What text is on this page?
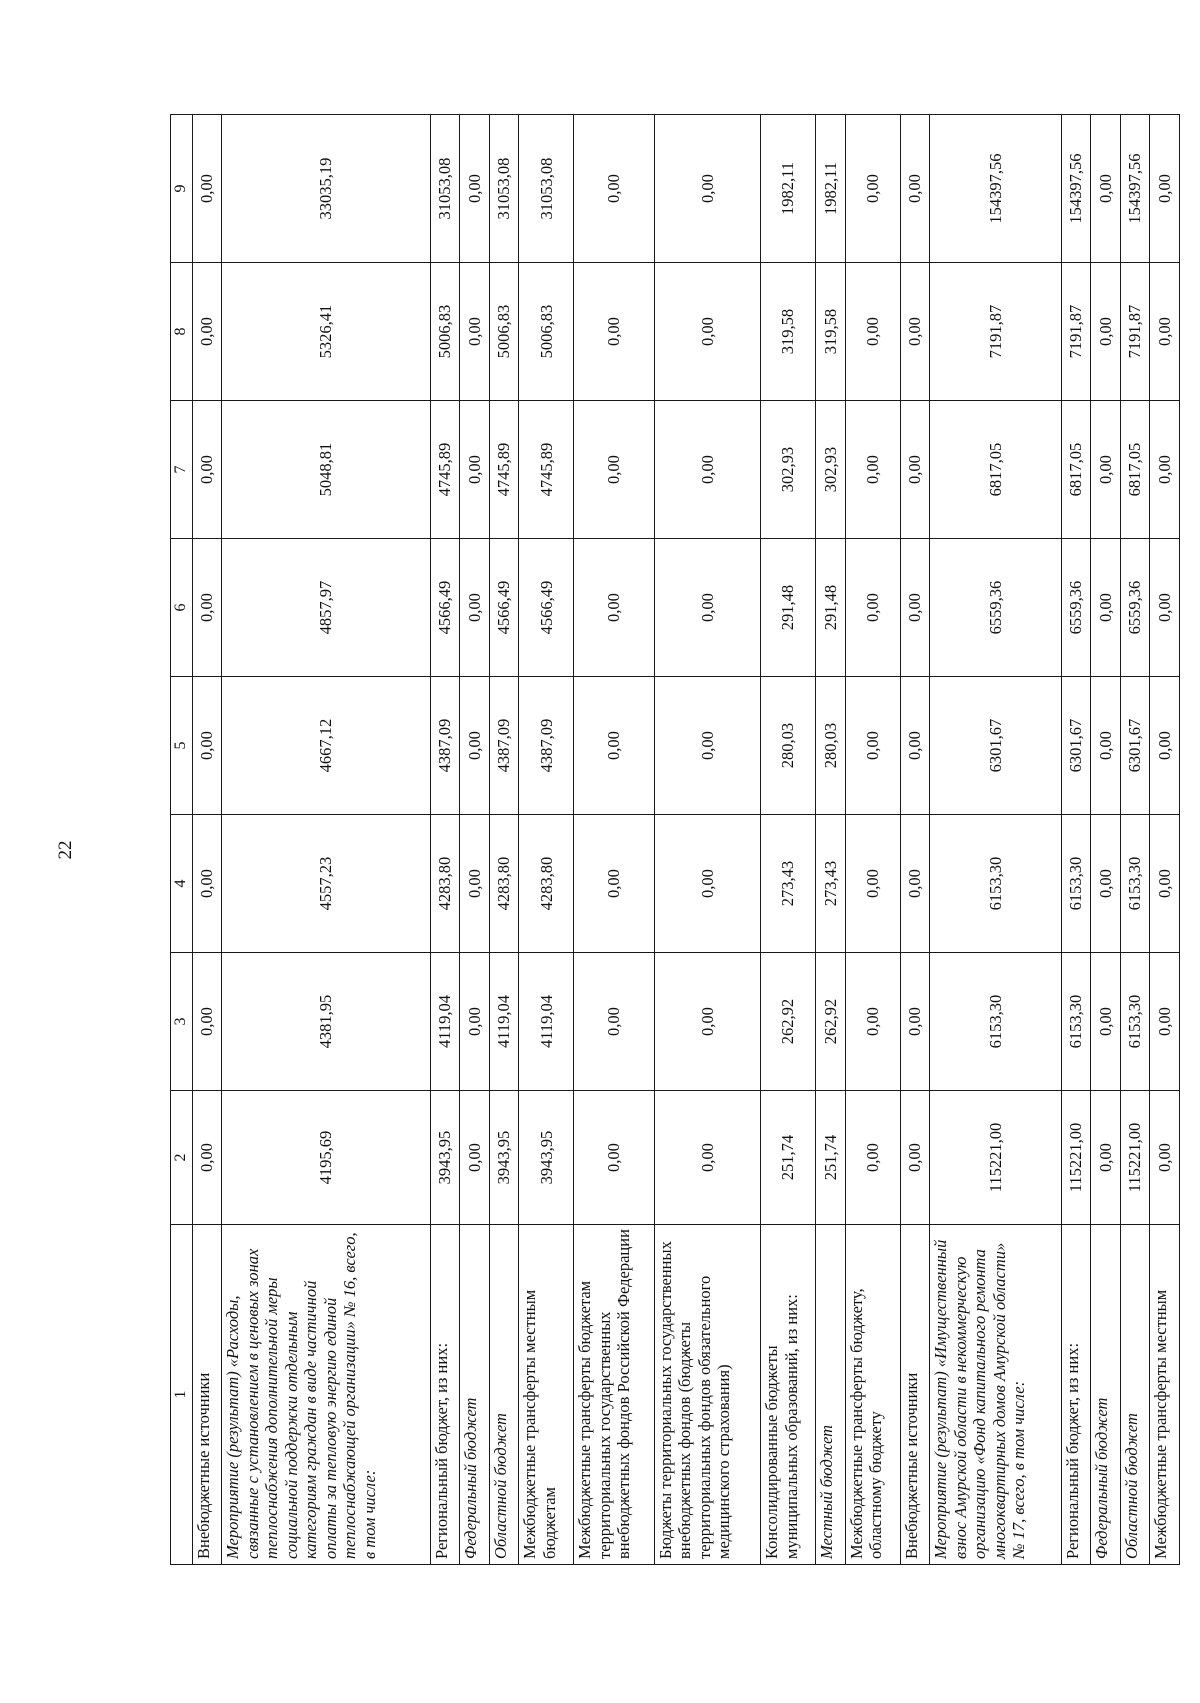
22
1	2	3	4	5	6	7	8	9
Внебюджетные источники	0,00	0,00	0,00	0,00	0,00	0,00	0,00	0,00
Мероприятие (результат) «Расходы, связанные с установлением в ценовых зонах теплоснабжения дополнительной меры социальной поддержки отдельным категориям граждан в виде частичной оплаты за тепловую энергию единой теплоснабжающей организации» № 16, всего, в том числе:	4195,69	4381,95	4557,23	4667,12	4857,97	5048,81	5326,41	33035,19
Региональный бюджет, из них:	3943,95	4119,04	4283,80	4387,09	4566,49	4745,89	5006,83	31053,08
Федеральный бюджет	0,00	0,00	0,00	0,00	0,00	0,00	0,00	0,00
Областной бюджет	3943,95	4119,04	4283,80	4387,09	4566,49	4745,89	5006,83	31053,08
Межбюджетные трансферты местным бюджетам	3943,95	4119,04	4283,80	4387,09	4566,49	4745,89	5006,83	31053,08
Межбюджетные трансферты бюджетам территориальных государственных внебюджетных фондов Российской Федерации	0,00	0,00	0,00	0,00	0,00	0,00	0,00	0,00
Бюджеты территориальных государственных внебюджетных фондов (бюджеты территориальных фондов обязательного медицинского страхования)	0,00	0,00	0,00	0,00	0,00	0,00	0,00	0,00
Консолидированные бюджеты муниципальных образований, из них:	251,74	262,92	273,43	280,03	291,48	302,93	319,58	1982,11
Местный бюджет	251,74	262,92	273,43	280,03	291,48	302,93	319,58	1982,11
Межбюджетные трансферты бюджету, областному бюджету	0,00	0,00	0,00	0,00	0,00	0,00	0,00	0,00
Внебюджетные источники	0,00	0,00	0,00	0,00	0,00	0,00	0,00	0,00
Мероприятие (результат) «Имущественный взнос Амурской области в некоммерческую организацию «Фонд капитального ремонта многоквартирных домов Амурской области» № 17, всего, в том числе:	115221,00	6153,30	6153,30	6301,67	6559,36	6817,05	7191,87	154397,56
Региональный бюджет, из них:	115221,00	6153,30	6153,30	6301,67	6559,36	6817,05	7191,87	154397,56
Федеральный бюджет	0,00	0,00	0,00	0,00	0,00	0,00	0,00	0,00
Областной бюджет	115221,00	6153,30	6153,30	6301,67	6559,36	6817,05	7191,87	154397,56
Межбюджетные трансферты местным	0,00	0,00	0,00	0,00	0,00	0,00	0,00	0,00
